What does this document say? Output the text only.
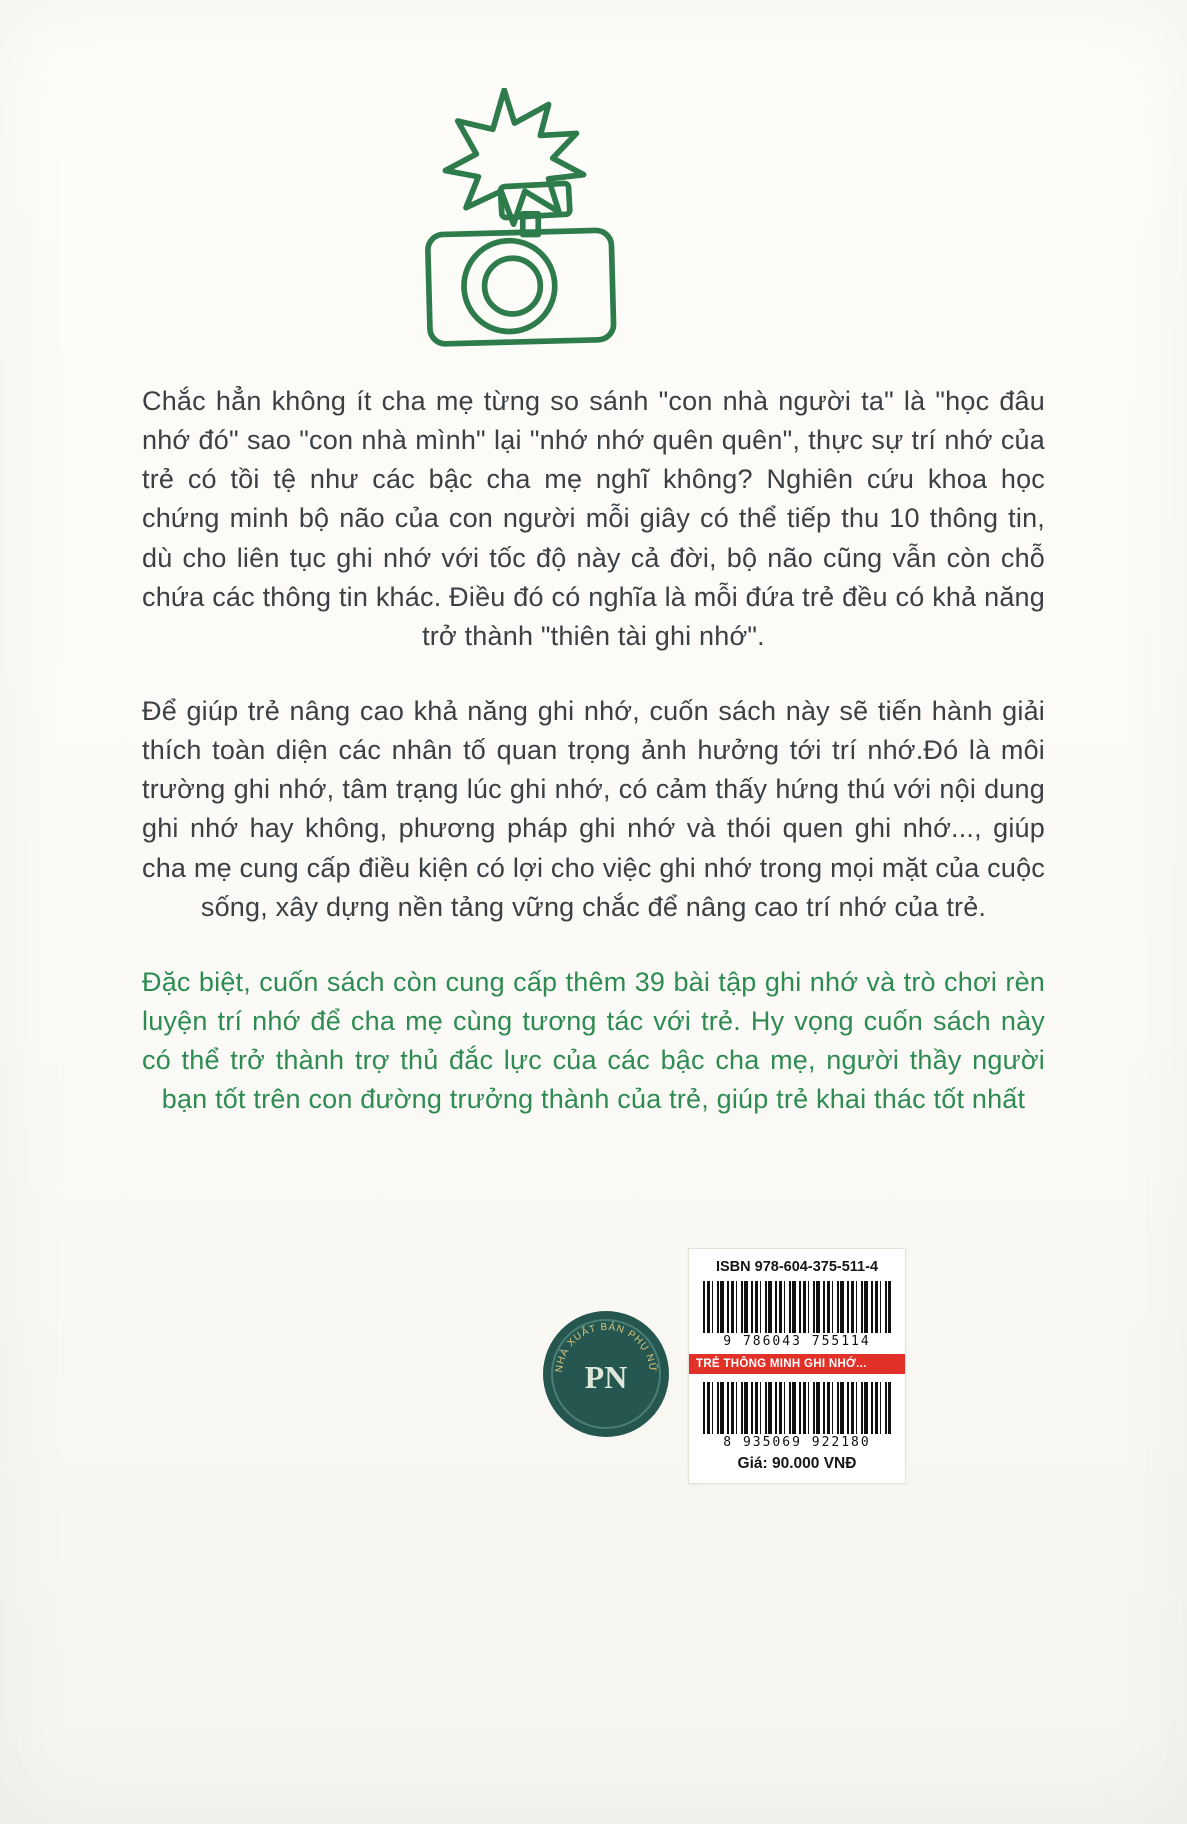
Chắc hẳn không ít cha mẹ từng so sánh "con nhà người ta" là "học đâu nhớ đó" sao "con nhà mình" lại "nhớ nhớ quên quên", thực sự trí nhớ của trẻ có tồi tệ như các bậc cha mẹ nghĩ không? Nghiên cứu khoa học chứng minh bộ não của con người mỗi giây có thể tiếp thu 10 thông tin, dù cho liên tục ghi nhớ với tốc độ này cả đời, bộ não cũng vẫn còn chỗ chứa các thông tin khác. Điều đó có nghĩa là mỗi đứa trẻ đều có khả năng trở thành "thiên tài ghi nhớ".

Để giúp trẻ nâng cao khả năng ghi nhớ, cuốn sách này sẽ tiến hành giải thích toàn diện các nhân tố quan trọng ảnh hưởng tới trí nhớ.Đó là môi trường ghi nhớ, tâm trạng lúc ghi nhớ, có cảm thấy hứng thú với nội dung ghi nhớ hay không, phương pháp ghi nhớ và thói quen ghi nhớ..., giúp cha mẹ cung cấp điều kiện có lợi cho việc ghi nhớ trong mọi mặt của cuộc sống, xây dựng nền tảng vững chắc để nâng cao trí nhớ của trẻ.

Đặc biệt, cuốn sách còn cung cấp thêm 39 bài tập ghi nhớ và trò chơi rèn luyện trí nhớ để cha mẹ cùng tương tác với trẻ. Hy vọng cuốn sách này có thể trở thành trợ thủ đắc lực của các bậc cha mẹ, người thầy người bạn tốt trên con đường trưởng thành của trẻ, giúp trẻ khai thác tốt nhất

NHÀ XUẤT BẢN PHỤ NỮ
PN
ISBN 978-604-375-511-4
9 786043 755114
TRẺ THÔNG MINH GHI NHỚ...
8 935069 922180
Giá: 90.000 VNĐ
